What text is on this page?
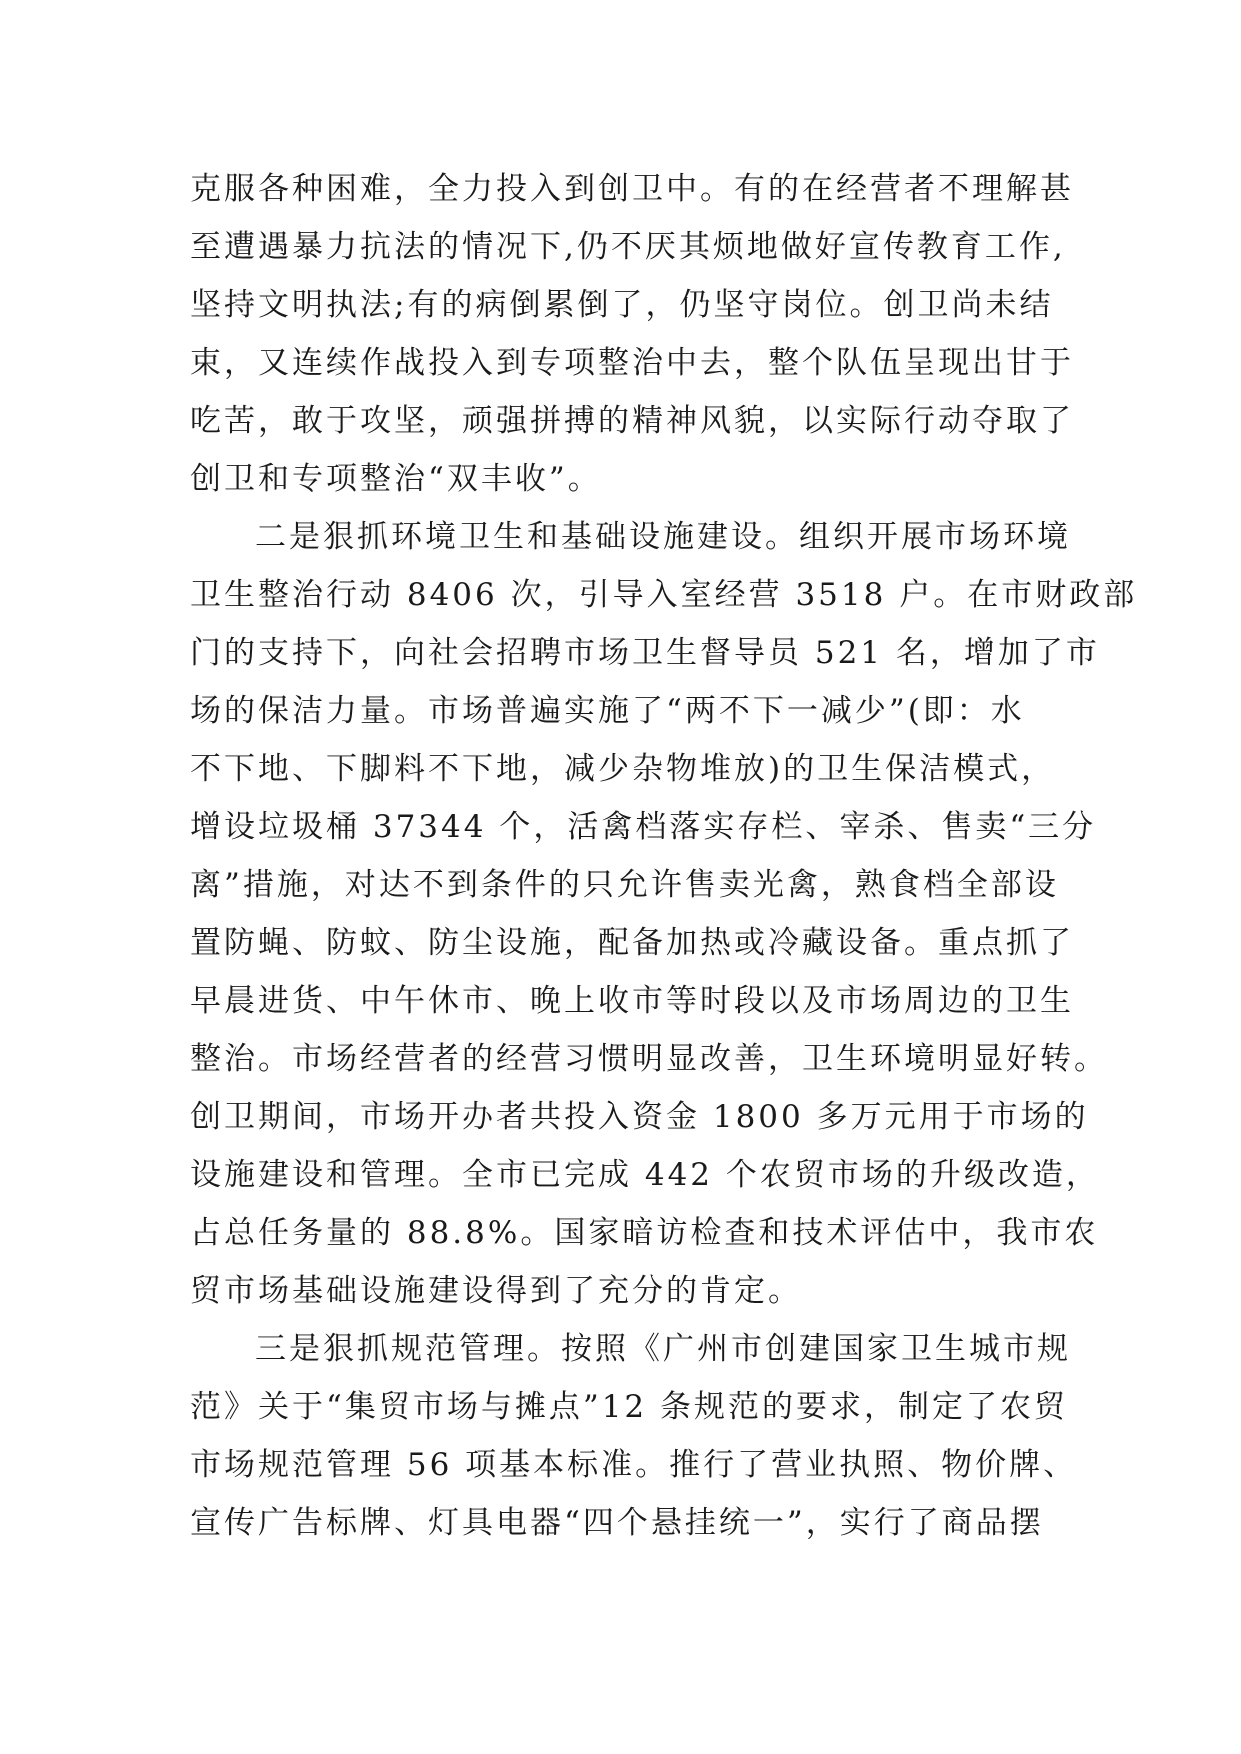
克服各种困难，全力投入到创卫中。有的在经营者不理解甚
至遭遇暴力抗法的情况下,仍不厌其烦地做好宣传教育工作,
坚持文明执法;有的病倒累倒了，仍坚守岗位。创卫尚未结
束，又连续作战投入到专项整治中去，整个队伍呈现出甘于
吃苦，敢于攻坚，顽强拼搏的精神风貌，以实际行动夺取了
创卫和专项整治“双丰收”。
二是狠抓环境卫生和基础设施建设。组织开展市场环境
卫生整治行动 8406 次，引导入室经营 3518 户。在市财政部
门的支持下，向社会招聘市场卫生督导员 521 名，增加了市
场的保洁力量。市场普遍实施了“两不下一减少”(即：水
不下地、下脚料不下地，减少杂物堆放)的卫生保洁模式，
增设垃圾桶 37344 个，活禽档落实存栏、宰杀、售卖“三分
离”措施，对达不到条件的只允许售卖光禽，熟食档全部设
置防蝇、防蚊、防尘设施，配备加热或冷藏设备。重点抓了
早晨进货、中午休市、晚上收市等时段以及市场周边的卫生
整治。市场经营者的经营习惯明显改善，卫生环境明显好转。
创卫期间，市场开办者共投入资金 1800 多万元用于市场的
设施建设和管理。全市已完成 442 个农贸市场的升级改造，
占总任务量的 88.8%。国家暗访检查和技术评估中，我市农
贸市场基础设施建设得到了充分的肯定。
三是狠抓规范管理。按照《广州市创建国家卫生城市规
范》关于“集贸市场与摊点”12 条规范的要求，制定了农贸
市场规范管理 56 项基本标准。推行了营业执照、物价牌、
宣传广告标牌、灯具电器“四个悬挂统一”，实行了商品摆
